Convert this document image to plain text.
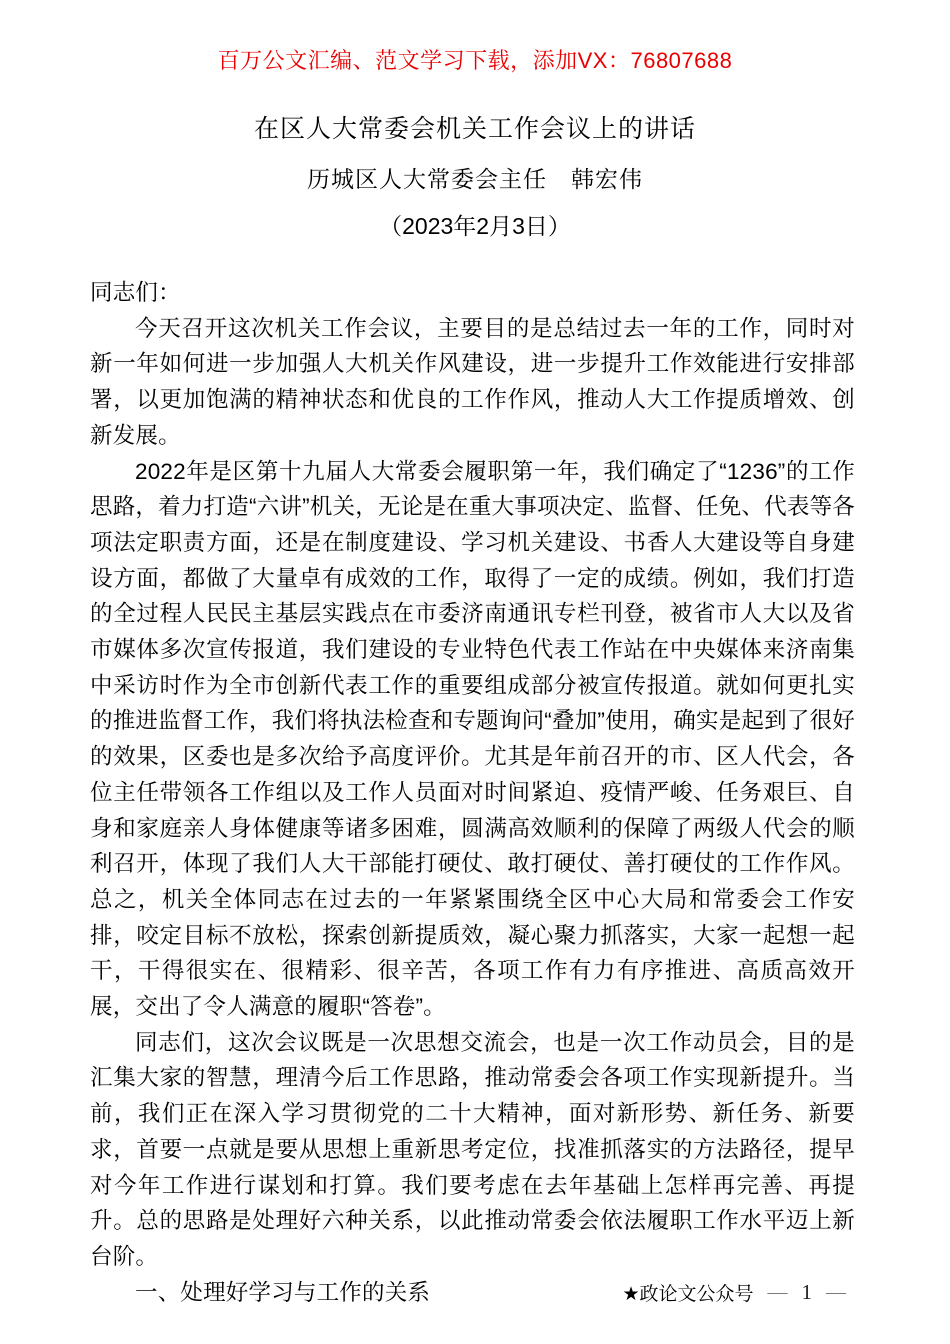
百万公文汇编、范文学习下载，添加VX：76807688
在区人大常委会机关工作会议上的讲话
历城区人大常委会主任　韩宏伟
（2023年2月3日）

同志们：

今天召开这次机关工作会议，主要目的是总结过去一年的工作，同时对新一年如何进一步加强人大机关作风建设，进一步提升工作效能进行安排部署，以更加饱满的精神状态和优良的工作作风，推动人大工作提质增效、创新发展。

2022年是区第十九届人大常委会履职第一年，我们确定了“1236”的工作思路，着力打造“六讲”机关，无论是在重大事项决定、监督、任免、代表等各项法定职责方面，还是在制度建设、学习机关建设、书香人大建设等自身建设方面，都做了大量卓有成效的工作，取得了一定的成绩。例如，我们打造的全过程人民民主基层实践点在市委济南通讯专栏刊登，被省市人大以及省市媒体多次宣传报道，我们建设的专业特色代表工作站在中央媒体来济南集中采访时作为全市创新代表工作的重要组成部分被宣传报道。就如何更扎实的推进监督工作，我们将执法检查和专题询问“叠加”使用，确实是起到了很好的效果，区委也是多次给予高度评价。尤其是年前召开的市、区人代会，各位主任带领各工作组以及工作人员面对时间紧迫、疫情严峻、任务艰巨、自身和家庭亲人身体健康等诸多困难，圆满高效顺利的保障了两级人代会的顺利召开，体现了我们人大干部能打硬仗、敢打硬仗、善打硬仗的工作作风。总之，机关全体同志在过去的一年紧紧围绕全区中心大局和常委会工作安排，咬定目标不放松，探索创新提质效，凝心聚力抓落实，大家一起想一起干，干得很实在、很精彩、很辛苦，各项工作有力有序推进、高质高效开展，交出了令人满意的履职“答卷”。

同志们，这次会议既是一次思想交流会，也是一次工作动员会，目的是汇集大家的智慧，理清今后工作思路，推动常委会各项工作实现新提升。当前，我们正在深入学习贯彻党的二十大精神，面对新形势、新任务、新要求，首要一点就是要从思想上重新思考定位，找准抓落实的方法路径，提早对今年工作进行谋划和打算。我们要考虑在去年基础上怎样再完善、再提升。总的思路是处理好六种关系，以此推动常委会依法履职工作水平迈上新台阶。

一、处理好学习与工作的关系	★政论文公众号 — 1 —
